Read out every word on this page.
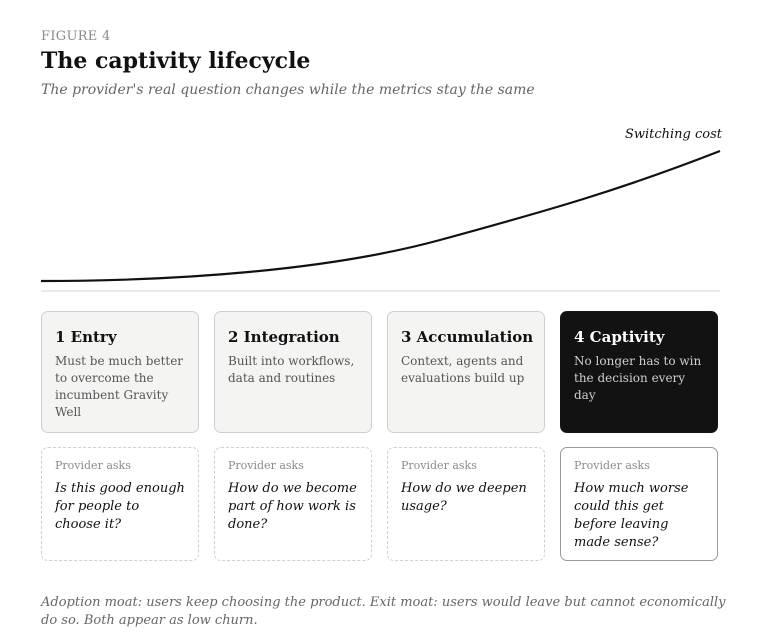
FIGURE 4
The captivity lifecycle
The provider's real question changes while the metrics stay the same
Switching cost
1 Entry
Must be much better to overcome the incumbent Gravity Well
2 Integration
Built into workflows, data and routines
3 Accumulation
Context, agents and evaluations build up
4 Captivity
No longer has to win the decision every day
Provider asks
Is this good enough for people to choose it?
Provider asks
How do we become part of how work is done?
Provider asks
How do we deepen usage?
Provider asks
How much worse could this get before leaving made sense?
Adoption moat: users keep choosing the product. Exit moat: users would leave but cannot economically do so. Both appear as low churn.
